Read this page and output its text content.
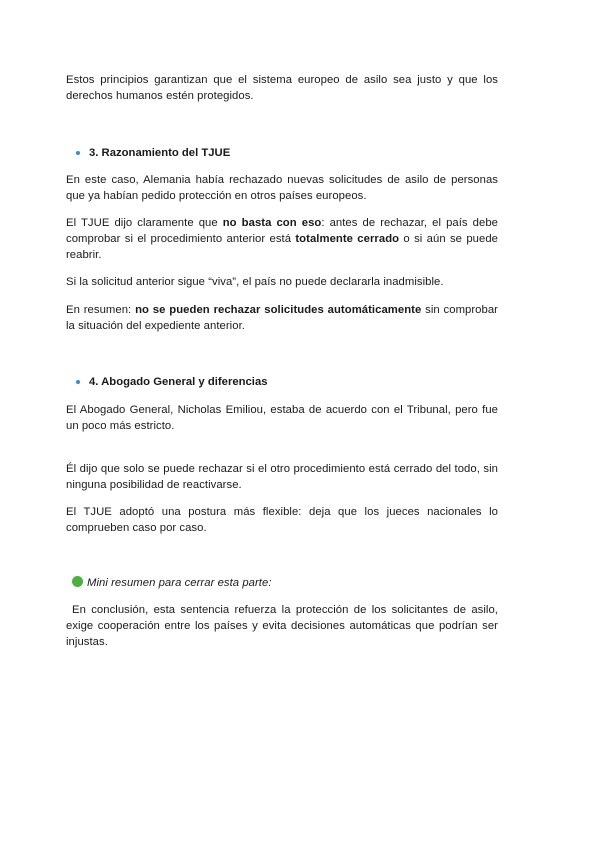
Estos principios garantizan que el sistema europeo de asilo sea justo y que los derechos humanos estén protegidos.

3. Razonamiento del TJUE

En este caso, Alemania había rechazado nuevas solicitudes de asilo de personas que ya habían pedido protección en otros países europeos.

El TJUE dijo claramente que no basta con eso: antes de rechazar, el país debe comprobar si el procedimiento anterior está totalmente cerrado o si aún se puede reabrir.

Si la solicitud anterior sigue “viva”, el país no puede declararla inadmisible.

En resumen: no se pueden rechazar solicitudes automáticamente sin comprobar la situación del expediente anterior.

4. Abogado General y diferencias

El Abogado General, Nicholas Emiliou, estaba de acuerdo con el Tribunal, pero fue un poco más estricto.

Él dijo que solo se puede rechazar si el otro procedimiento está cerrado del todo, sin ninguna posibilidad de reactivarse.

El TJUE adoptó una postura más flexible: deja que los jueces nacionales lo comprueben caso por caso.

Mini resumen para cerrar esta parte:

En conclusión, esta sentencia refuerza la protección de los solicitantes de asilo, exige cooperación entre los países y evita decisiones automáticas que podrían ser injustas.
